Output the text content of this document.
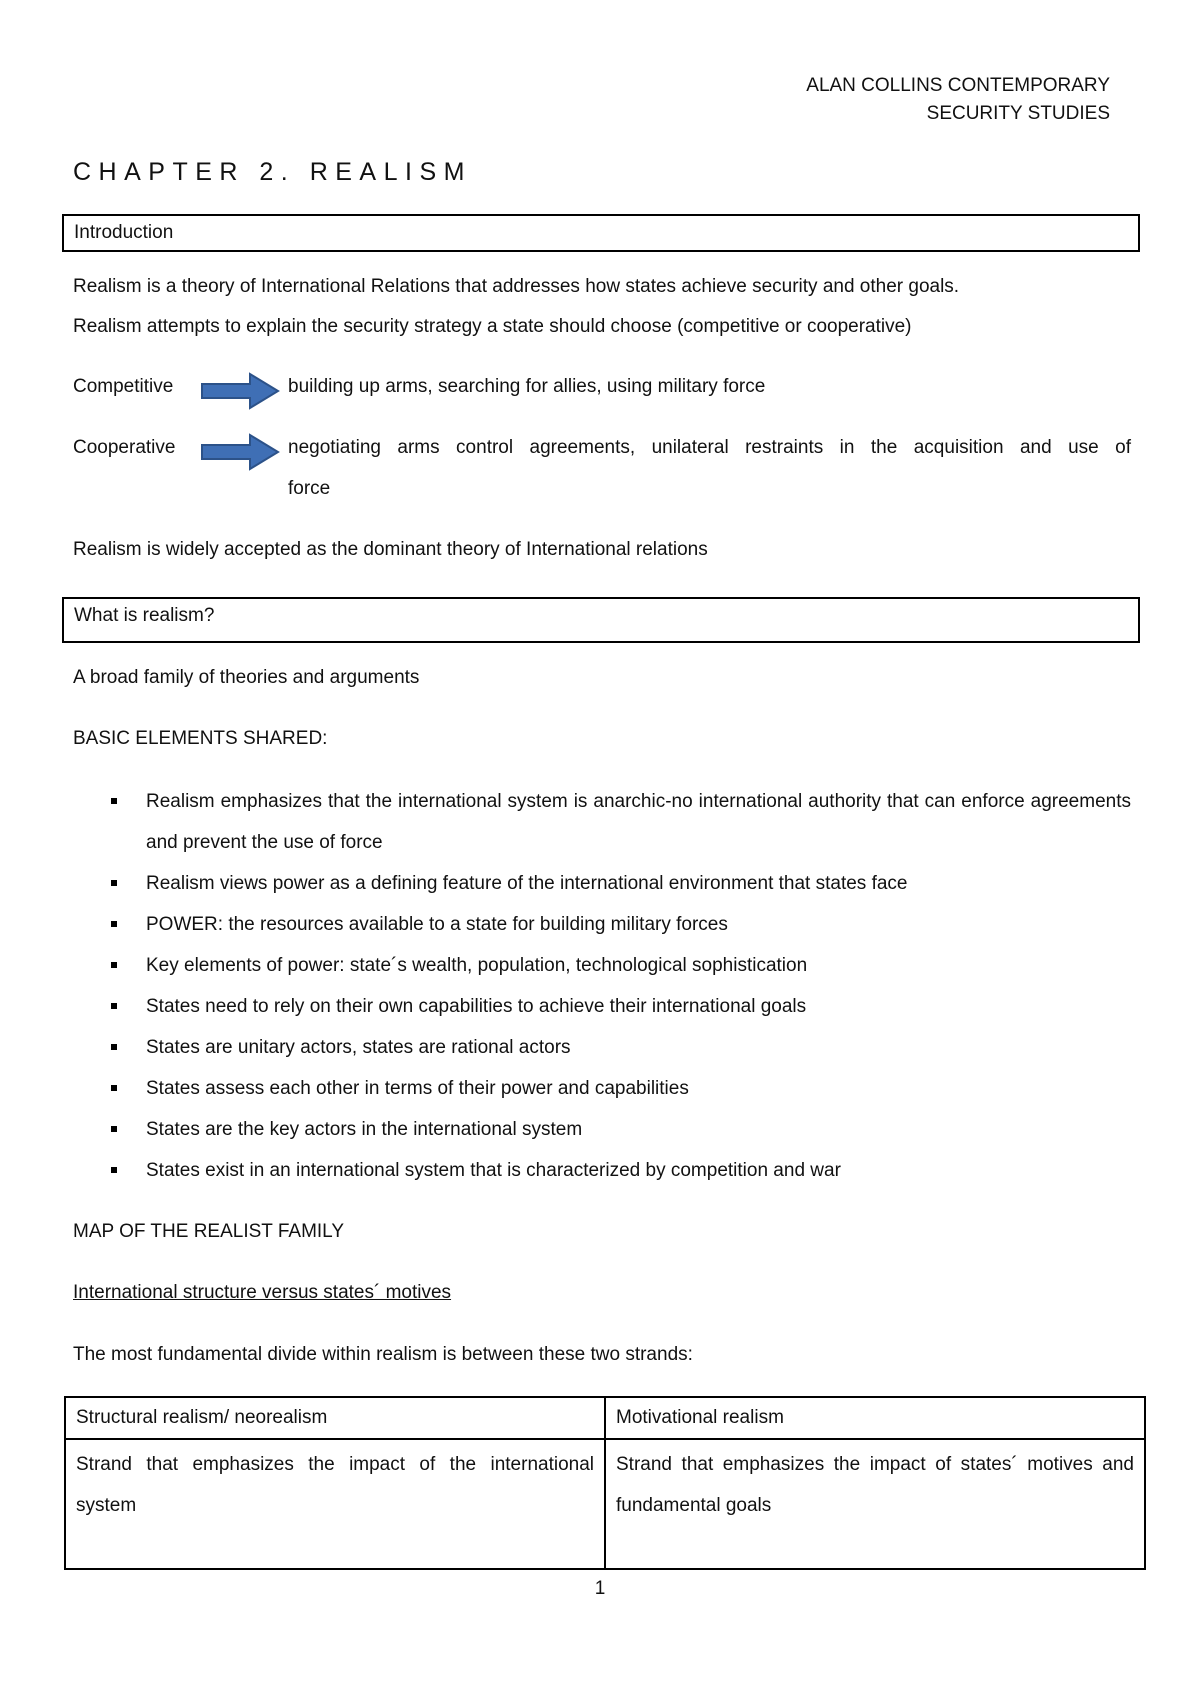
ALAN COLLINS CONTEMPORARY
SECURITY STUDIES
CHAPTER 2. REALISM
Introduction
Realism is a theory of International Relations that addresses how states achieve security and other goals.
Realism attempts to explain the security strategy a state should choose (competitive or cooperative)
Competitive	building up arms, searching for allies, using military force
Cooperative	negotiating arms control agreements, unilateral restraints in the acquisition and use of
force
Realism is widely accepted as the dominant theory of International relations
What is realism?
A broad family of theories and arguments
BASIC ELEMENTS SHARED:
Realism emphasizes that the international system is anarchic-no international authority that can enforce agreements and prevent the use of force
Realism views power as a defining feature of the international environment that states face
POWER: the resources available to a state for building military forces
Key elements of power: state´s wealth, population, technological sophistication
States need to rely on their own capabilities to achieve their international goals
States are unitary actors, states are rational actors
States assess each other in terms of their power and capabilities
States are the key actors in the international system
States exist in an international system that is characterized by competition and war
MAP OF THE REALIST FAMILY
International structure versus states´ motives
The most fundamental divide within realism is between these two strands:
Structural realism/ neorealism	Motivational realism
Strand that emphasizes the impact of the international system	Strand that emphasizes the impact of states´ motives and fundamental goals
1
